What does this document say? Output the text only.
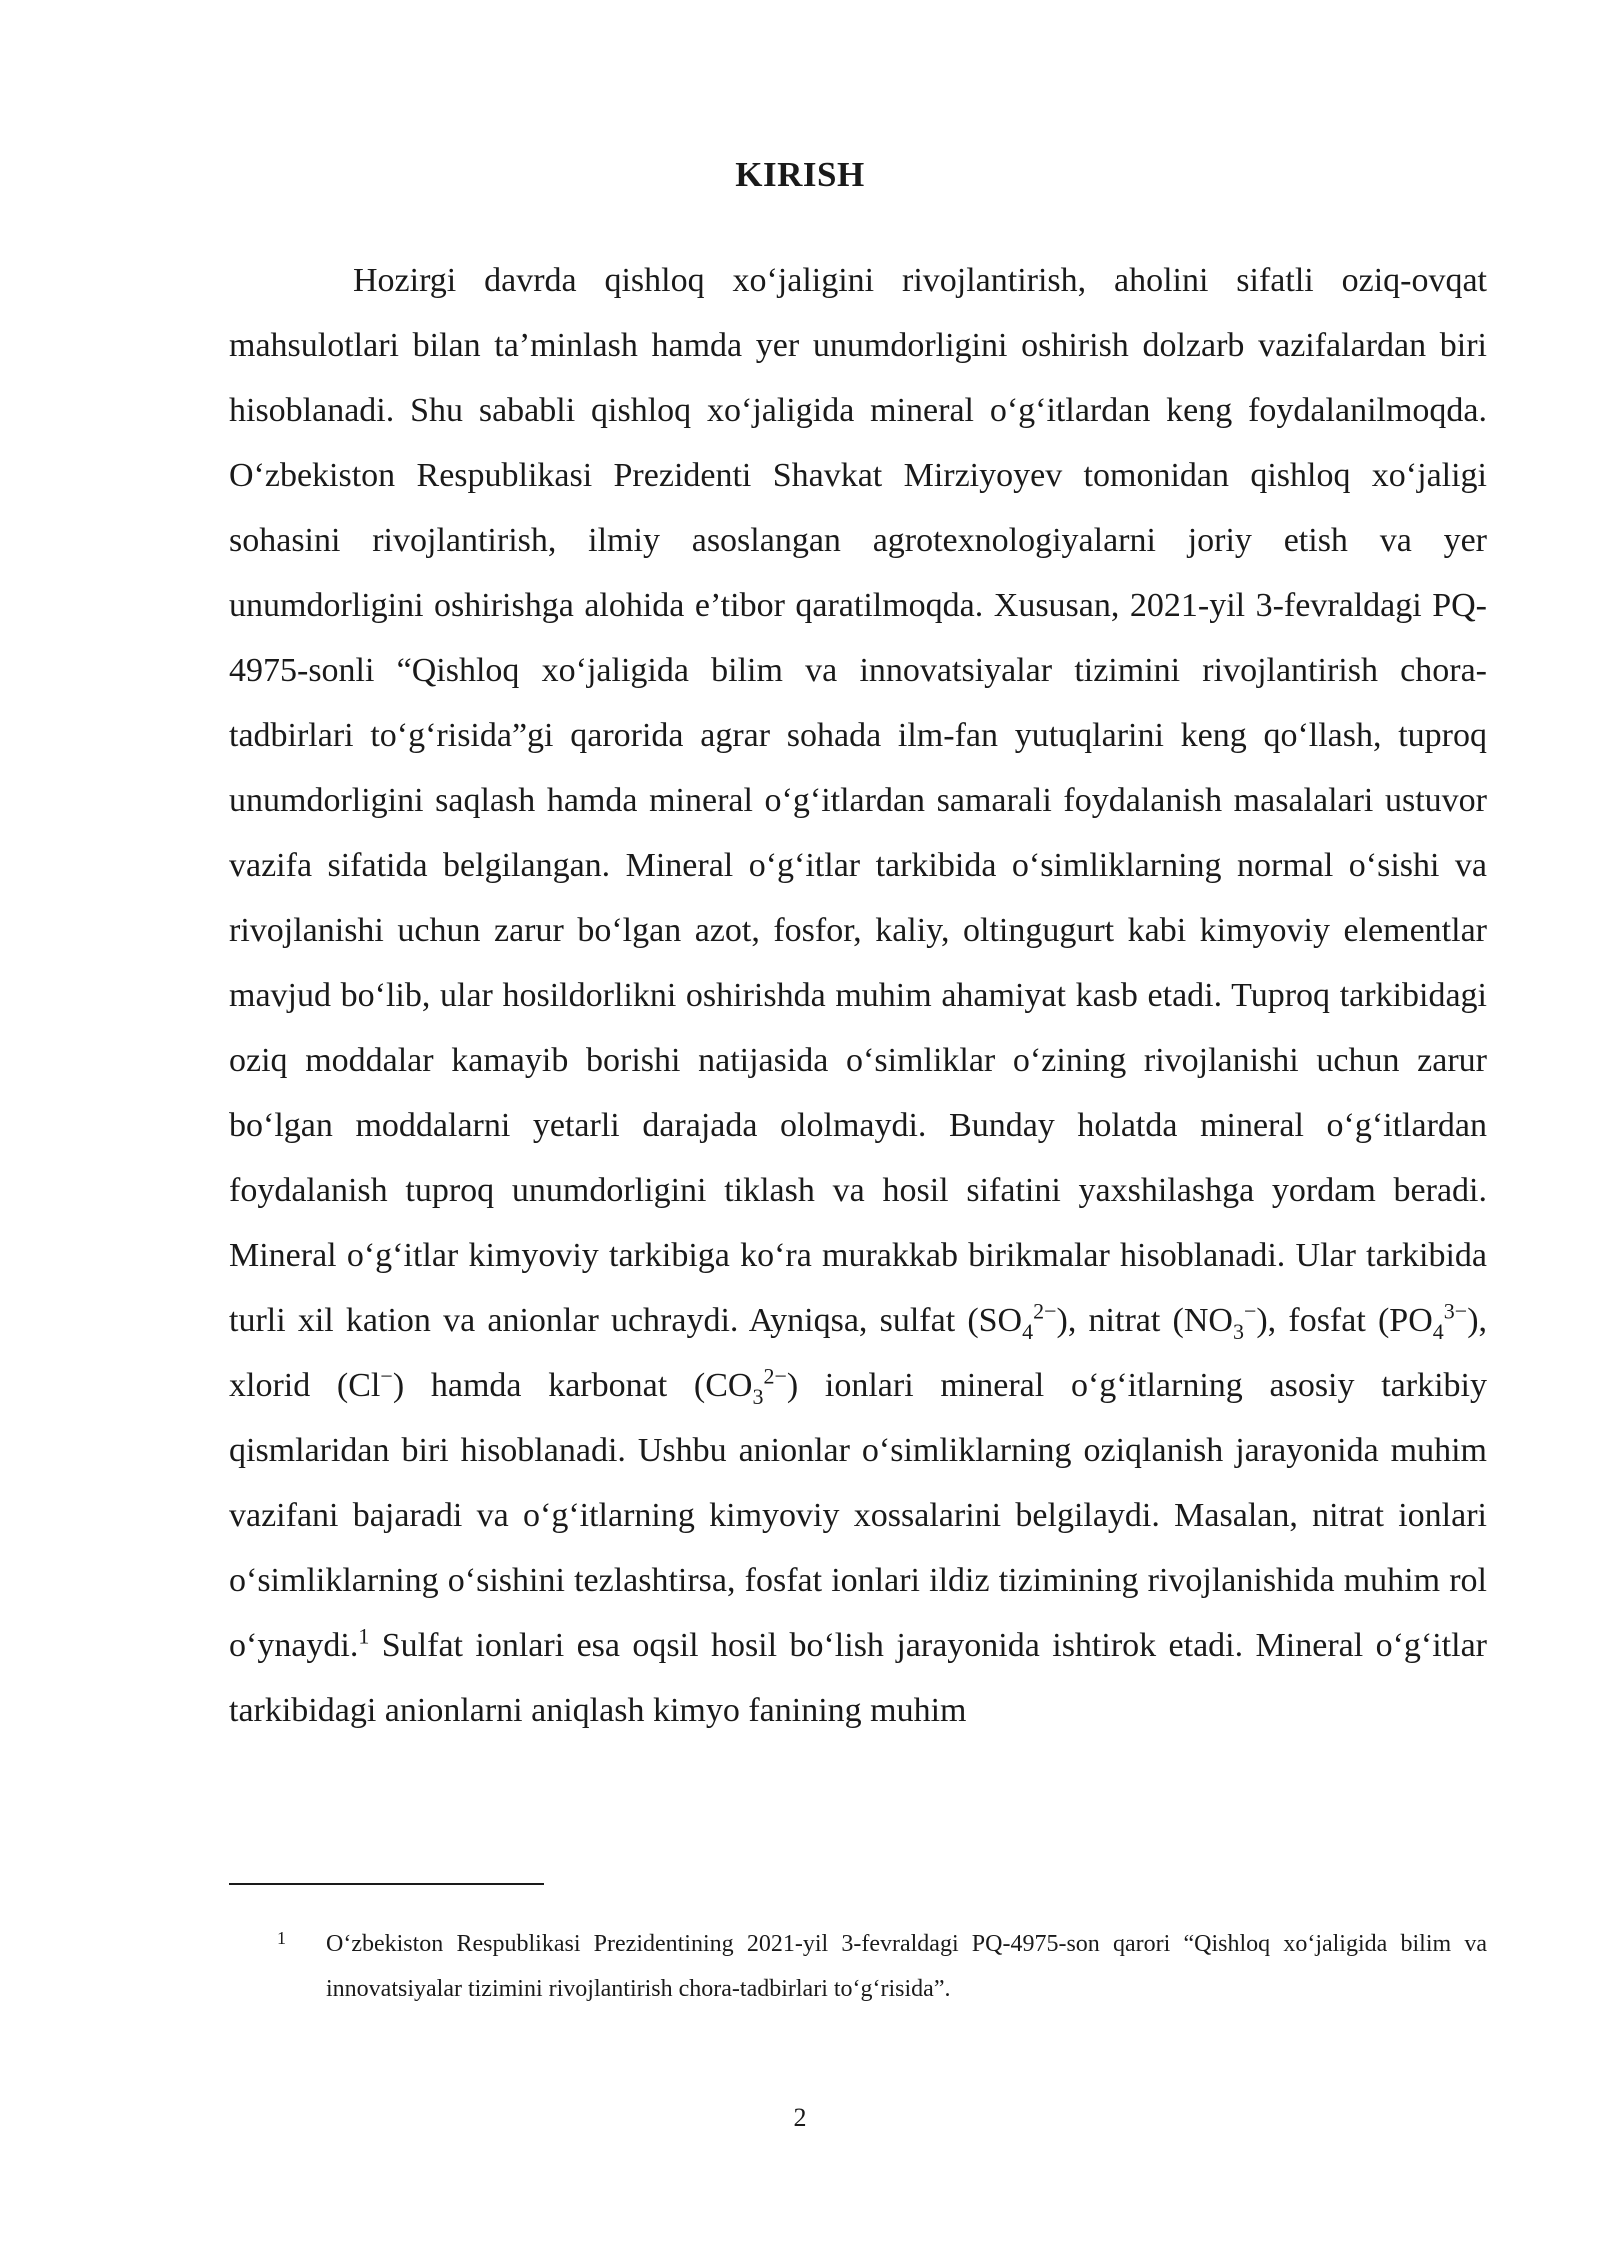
KIRISH

Hozirgi davrda qishloq xo‘jaligini rivojlantirish, aholini sifatli oziq-ovqat mahsulotlari bilan ta’minlash hamda yer unumdorligini oshirish dolzarb vazifalardan biri hisoblanadi. Shu sababli qishloq xo‘jaligida mineral o‘g‘itlardan keng foydalanilmoqda. O‘zbekiston Respublikasi Prezidenti Shavkat Mirziyoyev tomonidan qishloq xo‘jaligi sohasini rivojlantirish, ilmiy asoslangan agrotexnologiyalarni joriy etish va yer unumdorligini oshirishga alohida e’tibor qaratilmoqda. Xususan, 2021-yil 3-fevraldagi PQ-4975-sonli “Qishloq xo‘jaligida bilim va innovatsiyalar tizimini rivojlantirish chora-tadbirlari to‘g‘risida”gi qarorida agrar sohada ilm-fan yutuqlarini keng qo‘llash, tuproq unumdorligini saqlash hamda mineral o‘g‘itlardan samarali foydalanish masalalari ustuvor vazifa sifatida belgilangan. Mineral o‘g‘itlar tarkibida o‘simliklarning normal o‘sishi va rivojlanishi uchun zarur bo‘lgan azot, fosfor, kaliy, oltingugurt kabi kimyoviy elementlar mavjud bo‘lib, ular hosildorlikni oshirishda muhim ahamiyat kasb etadi. Tuproq tarkibidagi oziq moddalar kamayib borishi natijasida o‘simliklar o‘zining rivojlanishi uchun zarur bo‘lgan moddalarni yetarli darajada ololmaydi. Bunday holatda mineral o‘g‘itlardan foydalanish tuproq unumdorligini tiklash va hosil sifatini yaxshilashga yordam beradi. Mineral o‘g‘itlar kimyoviy tarkibiga ko‘ra murakkab birikmalar hisoblanadi. Ular tarkibida turli xil kation va anionlar uchraydi. Ayniqsa, sulfat $(SO_4^{2-})$, nitrat $(NO_3^-)$, fosfat $(PO_4^{3-})$, xlorid (Cl−) hamda karbonat $(CO_3^{2-})$ ionlari mineral o‘g‘itlarning asosiy tarkibiy qismlaridan biri hisoblanadi. Ushbu anionlar o‘simliklarning oziqlanish jarayonida muhim vazifani bajaradi va o‘g‘itlarning kimyoviy xossalarini belgilaydi. Masalan, nitrat ionlari o‘simliklarning o‘sishini tezlashtirsa, fosfat ionlari ildiz tizimining rivojlanishida muhim rol o‘ynaydi.$^1$ Sulfat ionlari esa oqsil hosil bo‘lish jarayonida ishtirok etadi. Mineral o‘g‘itlar tarkibidagi anionlarni aniqlash kimyo fanining muhim

1	O‘zbekiston Respublikasi Prezidentining 2021-yil 3-fevraldagi PQ-4975-son qarori “Qishloq xo‘jaligida bilim va innovatsiyalar tizimini rivojlantirish chora-tadbirlari to‘g‘risida”.
2
